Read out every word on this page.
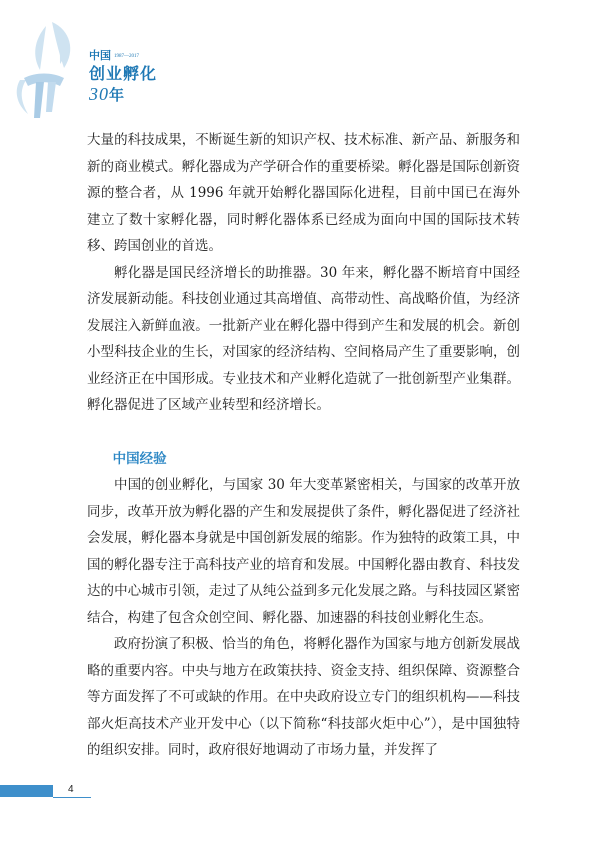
中国 1987—2017
创业孵化
30年

大量的科技成果，不断诞生新的知识产权、技术标准、新产品、新服务和新的商业模式。孵化器成为产学研合作的重要桥梁。孵化器是国际创新资源的整合者，从 1996 年就开始孵化器国际化进程，目前中国已在海外建立了数十家孵化器，同时孵化器体系已经成为面向中国的国际技术转移、跨国创业的首选。

孵化器是国民经济增长的助推器。30 年来，孵化器不断培育中国经济发展新动能。科技创业通过其高增值、高带动性、高战略价值，为经济发展注入新鲜血液。一批新产业在孵化器中得到产生和发展的机会。新创小型科技企业的生长，对国家的经济结构、空间格局产生了重要影响，创业经济正在中国形成。专业技术和产业孵化造就了一批创新型产业集群。孵化器促进了区域产业转型和经济增长。

中国经验

中国的创业孵化，与国家 30 年大变革紧密相关，与国家的改革开放同步，改革开放为孵化器的产生和发展提供了条件，孵化器促进了经济社会发展，孵化器本身就是中国创新发展的缩影。作为独特的政策工具，中国的孵化器专注于高科技产业的培育和发展。中国孵化器由教育、科技发达的中心城市引领，走过了从纯公益到多元化发展之路。与科技园区紧密结合，构建了包含众创空间、孵化器、加速器的科技创业孵化生态。

政府扮演了积极、恰当的角色，将孵化器作为国家与地方创新发展战略的重要内容。中央与地方在政策扶持、资金支持、组织保障、资源整合等方面发挥了不可或缺的作用。在中央政府设立专门的组织机构——科技部火炬高技术产业开发中心（以下简称“科技部火炬中心”），是中国独特的组织安排。同时，政府很好地调动了市场力量，并发挥了

4
